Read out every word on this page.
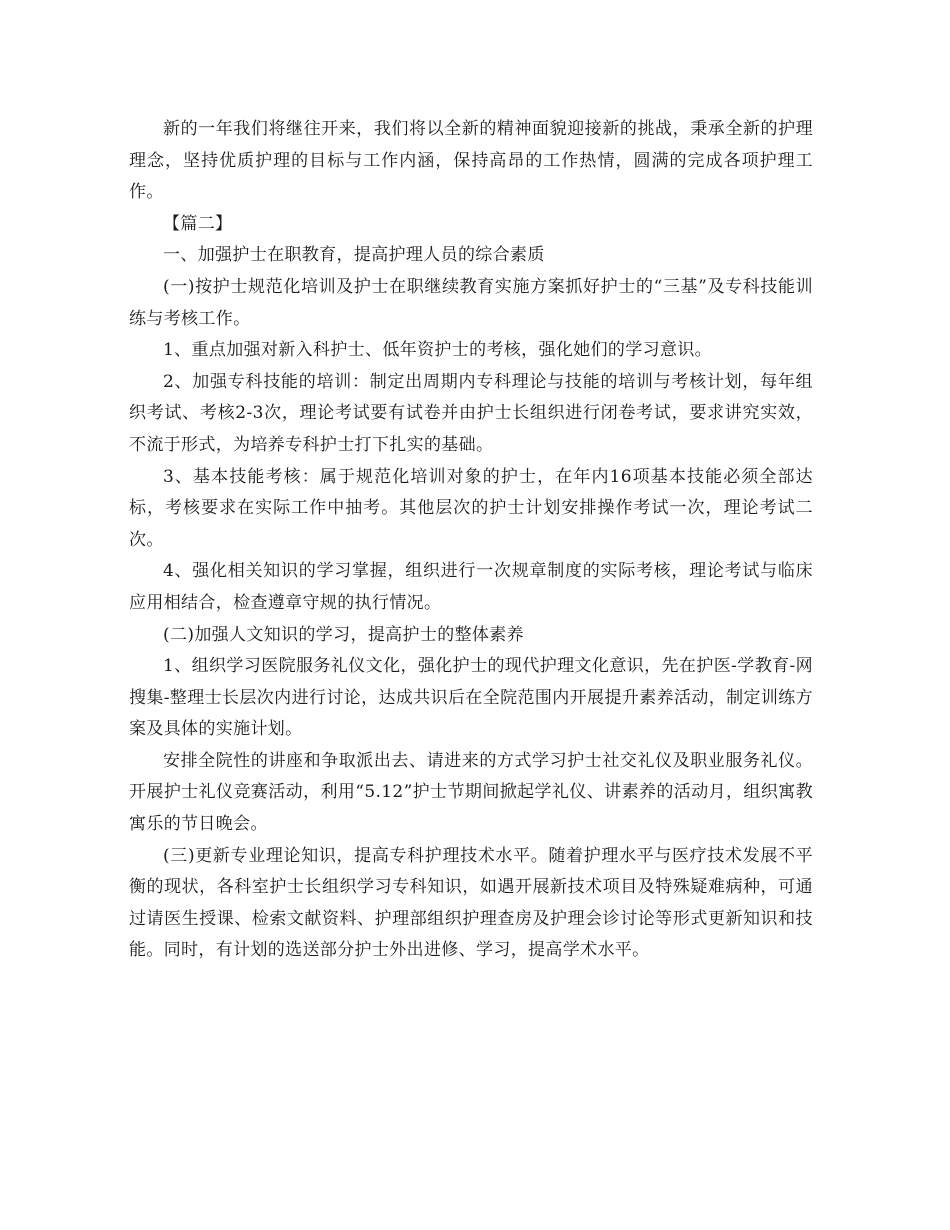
新的一年我们将继往开来，我们将以全新的精神面貌迎接新的挑战，秉承全新的护理理念，坚持优质护理的目标与工作内涵，保持高昂的工作热情，圆满的完成各项护理工作。

【篇二】

一、加强护士在职教育，提高护理人员的综合素质

(一)按护士规范化培训及护士在职继续教育实施方案抓好护士的“三基”及专科技能训练与考核工作。

1、重点加强对新入科护士、低年资护士的考核，强化她们的学习意识。

2、加强专科技能的培训：制定出周期内专科理论与技能的培训与考核计划，每年组织考试、考核2-3次，理论考试要有试卷并由护士长组织进行闭卷考试，要求讲究实效，不流于形式，为培养专科护士打下扎实的基础。

3、基本技能考核：属于规范化培训对象的护士，在年内16项基本技能必须全部达标，考核要求在实际工作中抽考。其他层次的护士计划安排操作考试一次，理论考试二次。

4、强化相关知识的学习掌握，组织进行一次规章制度的实际考核，理论考试与临床应用相结合，检查遵章守规的执行情况。

(二)加强人文知识的学习，提高护士的整体素养

1、组织学习医院服务礼仪文化，强化护士的现代护理文化意识，先在护医-学教育-网搜集-整理士长层次内进行讨论，达成共识后在全院范围内开展提升素养活动，制定训练方案及具体的实施计划。

安排全院性的讲座和争取派出去、请进来的方式学习护士社交礼仪及职业服务礼仪。开展护士礼仪竞赛活动，利用“5.12”护士节期间掀起学礼仪、讲素养的活动月，组织寓教寓乐的节日晚会。

(三)更新专业理论知识，提高专科护理技术水平。随着护理水平与医疗技术发展不平衡的现状，各科室护士长组织学习专科知识，如遇开展新技术项目及特殊疑难病种，可通过请医生授课、检索文献资料、护理部组织护理查房及护理会诊讨论等形式更新知识和技能。同时，有计划的选送部分护士外出进修、学习，提高学术水平。
